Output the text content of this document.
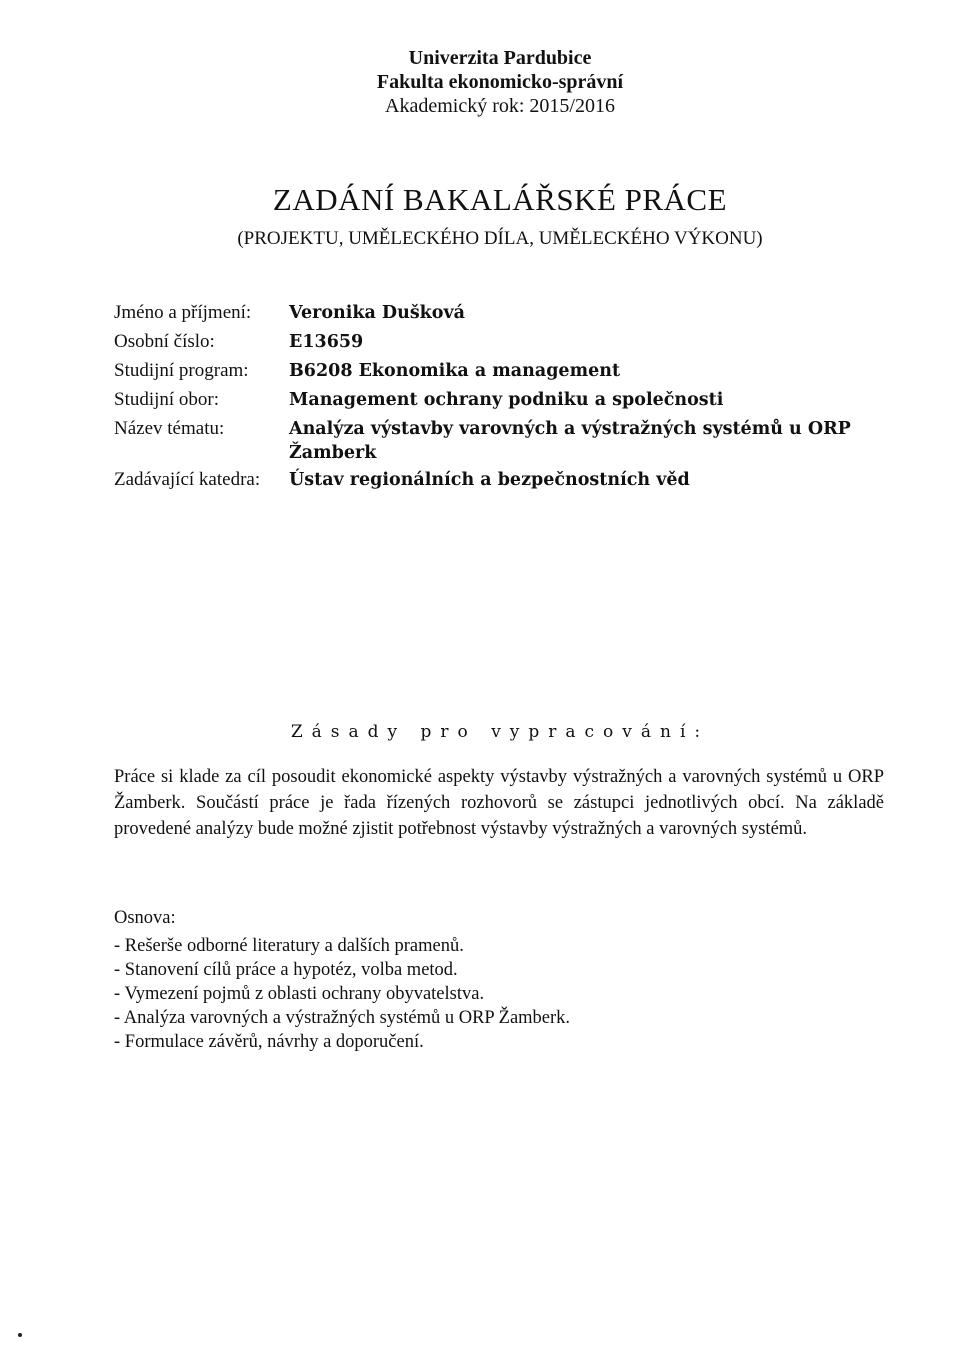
Univerzita Pardubice
Fakulta ekonomicko-správní
Akademický rok: 2015/2016
ZADÁNÍ BAKALÁŘSKÉ PRÁCE
(PROJEKTU, UMĚLECKÉHO DÍLA, UMĚLECKÉHO VÝKONU)
Jméno a příjmení:	Veronika Dušková
Osobní číslo:	E13659
Studijní program:	B6208 Ekonomika a management
Studijní obor:	Management ochrany podniku a společnosti
Název tématu:	Analýza výstavby varovných a výstražných systémů u ORP Žamberk
Zadávající katedra:	Ústav regionálních a bezpečnostních věd
Zásady pro vypracování:
Práce si klade za cíl posoudit ekonomické aspekty výstavby výstražných a varovných systémů u ORP Žamberk. Součástí práce je řada řízených rozhovorů se zástupci jednotlivých obcí. Na základě provedené analýzy bude možné zjistit potřebnost výstavby výstražných a varovných systémů.
Osnova:
- Rešerše odborné literatury a dalších pramenů.
- Stanovení cílů práce a hypotéz, volba metod.
- Vymezení pojmů z oblasti ochrany obyvatelstva.
- Analýza varovných a výstražných systémů u ORP Žamberk.
- Formulace závěrů, návrhy a doporučení.
